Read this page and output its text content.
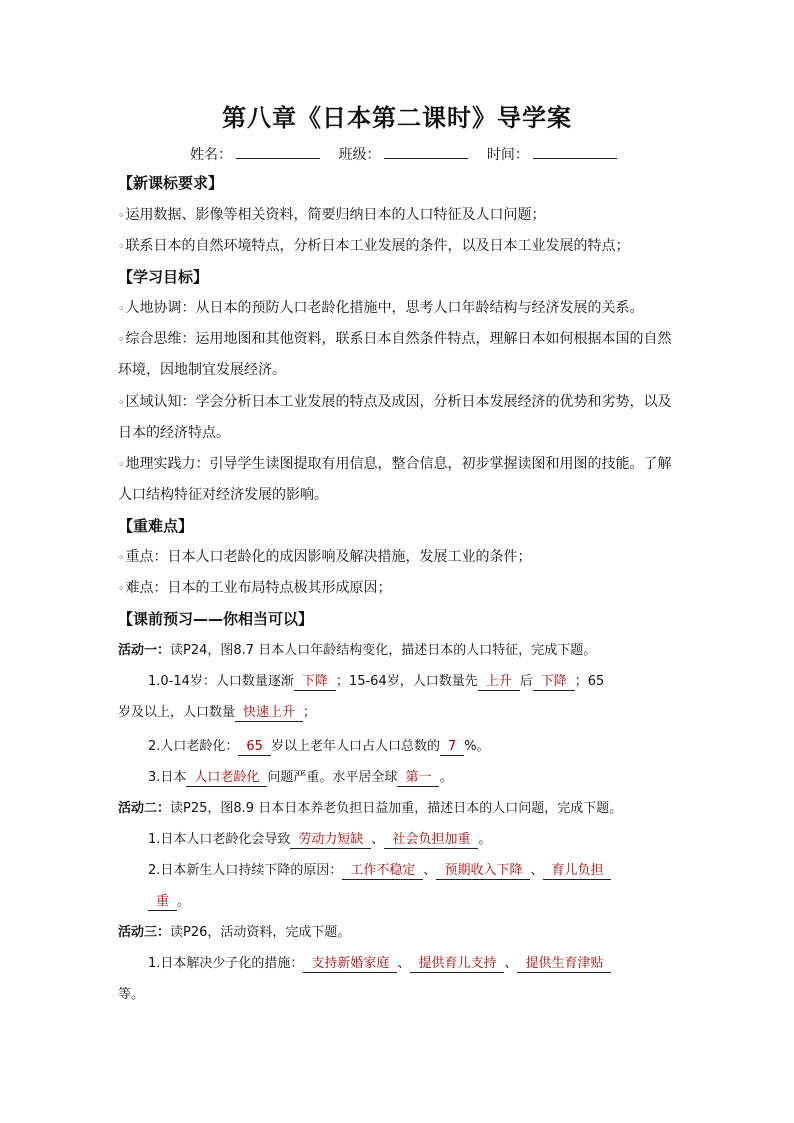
第八章《日本第二课时》导学案
姓名：	班级：	时间：
【新课标要求】
◦ 运用数据、影像等相关资料，简要归纳日本的人口特征及人口问题；
◦ 联系日本的自然环境特点，分析日本工业发展的条件，以及日本工业发展的特点；
【学习目标】
◦ 人地协调：从日本的预防人口老龄化措施中，思考人口年龄结构与经济发展的关系。
◦ 综合思维：运用地图和其他资料，联系日本自然条件特点，理解日本如何根据本国的自然
环境，因地制宜发展经济。
◦ 区域认知：学会分析日本工业发展的特点及成因，分析日本发展经济的优势和劣势，以及
日本的经济特点。
◦ 地理实践力：引导学生读图提取有用信息，整合信息，初步掌握读图和用图的技能。了解
人口结构特征对经济发展的影响。
【重难点】
◦ 重点：日本人口老龄化的成因影响及解决措施，发展工业的条件；
◦ 难点：日本的工业布局特点极其形成原因；
【课前预习——你相当可以】
活动一：读P24，图8.7 日本人口年龄结构变化，描述日本的人口特征，完成下题。
1.0-14岁：人口数量逐渐 下降 ；15-64岁，人口数量先 上升 后 下降 ；65
岁及以上，人口数量 快速上升 ；
2.人口老龄化： 65 岁以上老年人口占人口总数的 7 %。
3.日本 人口老龄化 问题严重。水平居全球 第一 。
活动二：读P25，图8.9 日本日本养老负担日益加重，描述日本的人口问题，完成下题。
1.日本人口老龄化会导致 劳动力短缺 、 社会负担加重 。
2.日本新生人口持续下降的原因： 工作不稳定 、 预期收入下降 、 育儿负担
重 。
活动三：读P26，活动资料，完成下题。
1.日本解决少子化的措施： 支持新婚家庭 、 提供育儿支持 、 提供生育津贴
等。
